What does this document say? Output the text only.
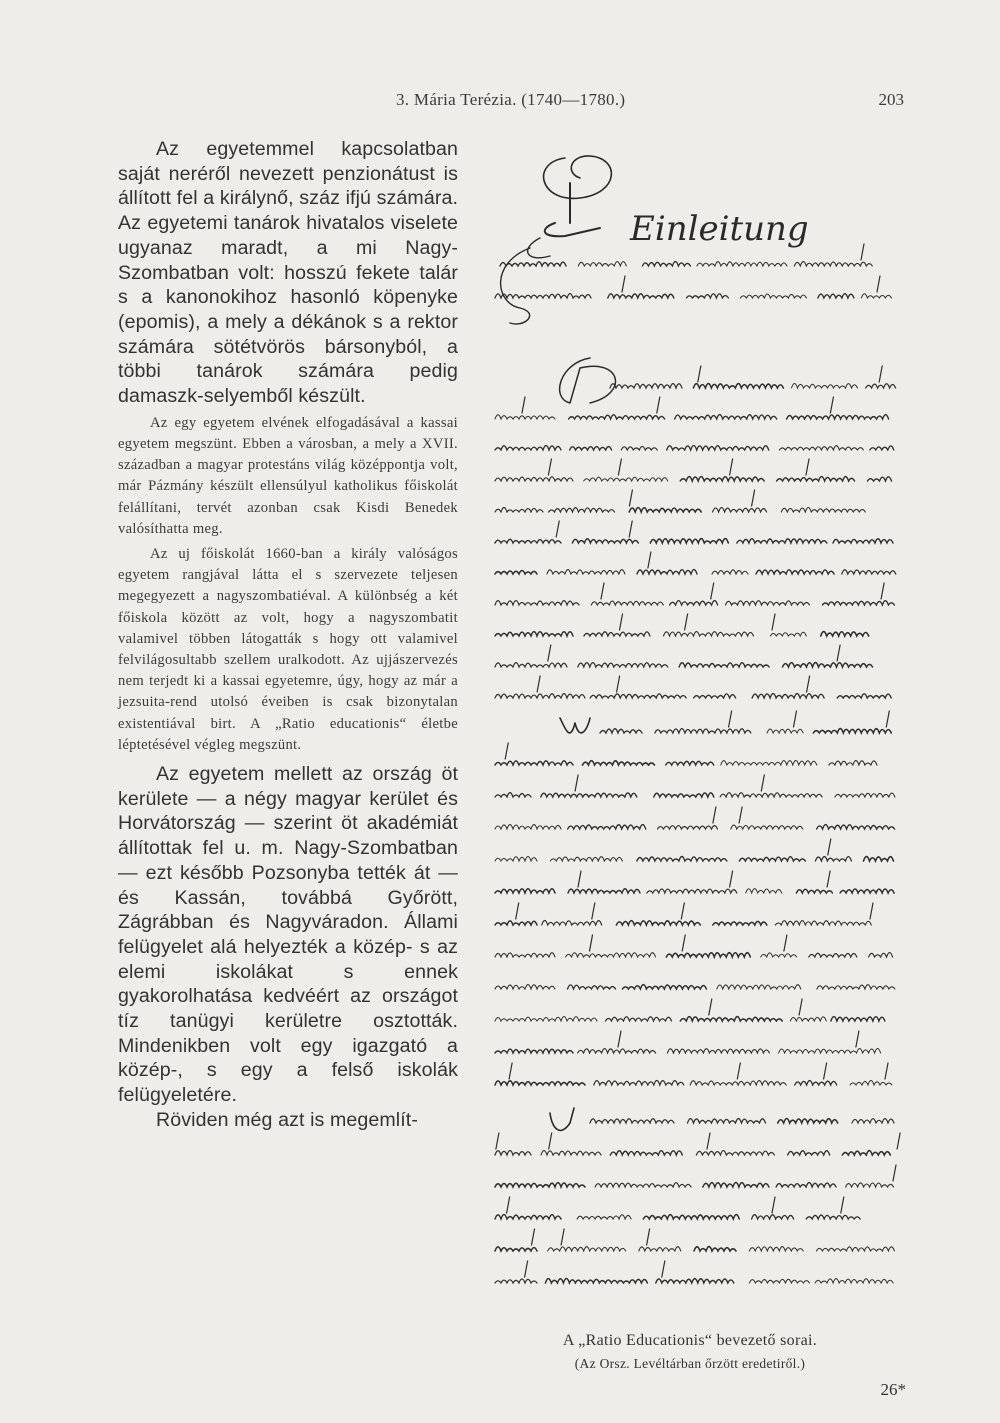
3. Mária Terézia. (1740—1780.)	203

Az egyetemmel kapcsolatban saját neréről nevezett penzionátust is állított fel a királynő, száz ifjú számára. Az egyetemi tanárok hivatalos viselete ugyanaz maradt, a mi Nagy-Szombatban volt: hosszú fekete talár s a kanonokihoz hasonló köpenyke (epomis), a mely a dékánok s a rektor számára sötétvörös bársonyból, a többi tanárok számára pedig damaszk-selyemből készült.

Az egy egyetem elvének elfogadásával a kassai egyetem megszünt. Ebben a városban, a mely a XVII. században a magyar protestáns világ középpontja volt, már Pázmány készült ellensúlyul katholikus főiskolát felállítani, tervét azonban csak Kisdi Benedek valósíthatta meg.

Az uj főiskolát 1660-ban a király valóságos egyetem rangjával látta el s szervezete teljesen megegyezett a nagyszombatiéval. A különbség a két főiskola között az volt, hogy a nagyszombatit valamivel többen látogatták s hogy ott valamivel felvilágosultabb szellem uralkodott. Az ujjászervezés nem terjedt ki a kassai egyetemre, úgy, hogy az már a jezsuita-rend utolsó éveiben is csak bizonytalan existentiával birt. A „Ratio educationis“ életbe léptetésével végleg megszünt.

Az egyetem mellett az ország öt kerülete — a négy magyar kerület és Horvátország — szerint öt akadémiát állítottak fel u. m. Nagy-Szombatban — ezt később Pozsonyba tették át — és Kassán, továbbá Győrött, Zágrábban és Nagyváradon. Állami felügyelet alá helyezték a közép- s az elemi iskolákat s ennek gyakorolhatása kedvéért az országot tíz tanügyi kerületre osztották. Mindenikben volt egy igazgató a közép-, s egy a felső iskolák felügyeletére.

Röviden még azt is megemlít-

Einleitung
A „Ratio Educationis“ bevezető sorai.
(Az Orsz. Levéltárban őrzött eredetiről.)
26*
